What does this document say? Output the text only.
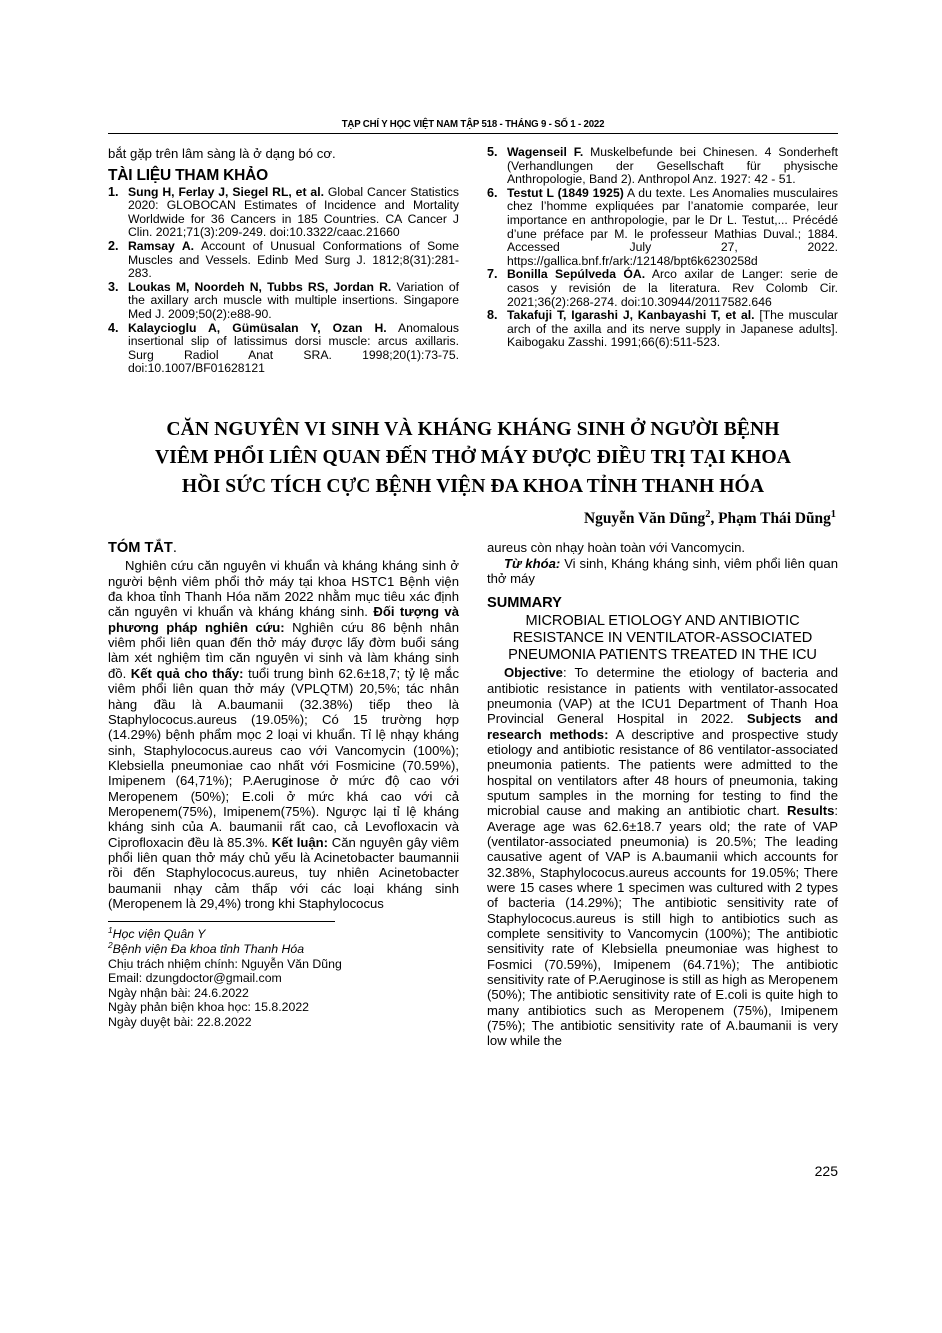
TẠP CHÍ Y HỌC VIỆT NAM TẬP 518 - THÁNG 9 - SỐ 1 - 2022
bắt gặp trên lâm sàng là ở dạng bó cơ.
TÀI LIỆU THAM KHẢO
1. Sung H, Ferlay J, Siegel RL, et al. Global Cancer Statistics 2020: GLOBOCAN Estimates of Incidence and Mortality Worldwide for 36 Cancers in 185 Countries. CA Cancer J Clin. 2021;71(3):209-249. doi:10.3322/caac.21660
2. Ramsay A. Account of Unusual Conformations of Some Muscles and Vessels. Edinb Med Surg J. 1812;8(31):281-283.
3. Loukas M, Noordeh N, Tubbs RS, Jordan R. Variation of the axillary arch muscle with multiple insertions. Singapore Med J. 2009;50(2):e88-90.
4. Kalaycioglu A, Gümüsalan Y, Ozan H. Anomalous insertional slip of latissimus dorsi muscle: arcus axillaris. Surg Radiol Anat SRA. 1998;20(1):73-75. doi:10.1007/BF01628121
5. Wagenseil F. Muskelbefunde bei Chinesen. 4 Sonderheft (Verhandlungen der Gesellschaft für physische Anthropologie, Band 2). Anthropol Anz. 1927: 42 - 51.
6. Testut L (1849 1925) A du texte. Les Anomalies musculaires chez l’homme expliquées par l’anatomie comparée, leur importance en anthropologie, par le Dr L. Testut,... Précédé d’une préface par M. le professeur Mathias Duval.; 1884. Accessed July 27, 2022. https://gallica.bnf.fr/ark:/12148/bpt6k6230258d
7. Bonilla Sepúlveda ÓA. Arco axilar de Langer: serie de casos y revisión de la literatura. Rev Colomb Cir. 2021;36(2):268-274. doi:10.30944/20117582.646
8. Takafuji T, Igarashi J, Kanbayashi T, et al. [The muscular arch of the axilla and its nerve supply in Japanese adults]. Kaibogaku Zasshi. 1991;66(6):511-523.
CĂN NGUYÊN VI SINH VÀ KHÁNG KHÁNG SINH Ở NGƯỜI BỆNH
VIÊM PHỔI LIÊN QUAN ĐẾN THỞ MÁY ĐƯỢC ĐIỀU TRỊ TẠI KHOA
HỒI SỨC TÍCH CỰC BỆNH VIỆN ĐA KHOA TỈNH THANH HÓA
Nguyễn Văn Dũng$^2$, Phạm Thái Dũng$^1$
TÓM TẮT.

Nghiên cứu căn nguyên vi khuẩn và kháng kháng sinh ở người bệnh viêm phổi thở máy tại khoa HSTC1 Bệnh viện đa khoa tỉnh Thanh Hóa năm 2022 nhằm mục tiêu xác định căn nguyên vi khuẩn và kháng kháng sinh. Đối tượng và phương pháp nghiên cứu: Nghiên cứu 86 bệnh nhân viêm phổi liên quan đến thở máy được lấy đờm buổi sáng làm xét nghiệm tìm căn nguyên vi sinh và làm kháng sinh đồ. Kết quả cho thấy: tuổi trung bình 62.6±18,7; tỷ lệ mắc viêm phổi liên quan thở máy (VPLQTM) 20,5%; tác nhân hàng đầu là A.baumanii (32.38%) tiếp theo là Staphylococus.aureus (19.05%); Có 15 trường hợp (14.29%) bệnh phẩm mọc 2 loại vi khuẩn. Tỉ lệ nhạy kháng sinh, Staphylococus.aureus cao với Vancomycin (100%); Klebsiella pneumoniae cao nhất với Fosmicine (70.59%), Imipenem (64,71%); P.Aeruginose ở mức độ cao với Meropenem (50%); E.coli ở mức khá cao với cả Meropenem(75%), Imipenem(75%). Ngược lại tỉ lệ kháng kháng sinh của A. baumanii rất cao, cả Levofloxacin và Ciprofloxacin đều là 85.3%. Kết luận: Căn nguyên gây viêm phổi liên quan thở máy chủ yếu là Acinetobacter baumannii rồi đến Staphylococus.aureus, tuy nhiên Acinetobacter baumanii nhạy cảm thấp với các loại kháng sinh (Meropenem là 29,4%) trong khi Staphylococus

$^1$Học viện Quân Y
$^2$Bệnh viện Đa khoa tỉnh Thanh Hóa
Chịu trách nhiệm chính: Nguyễn Văn Dũng
Email: dzungdoctor@gmail.com
Ngày nhận bài: 24.6.2022
Ngày phản biện khoa học: 15.8.2022
Ngày duyệt bài: 22.8.2022

aureus còn nhạy hoàn toàn với Vancomycin.

Từ khóa: Vi sinh, Kháng kháng sinh, viêm phổi liên quan thở máy

SUMMARY
MICROBIAL ETIOLOGY AND ANTIBIOTIC
RESISTANCE IN VENTILATOR-ASSOCIATED
PNEUMONIA PATIENTS TREATED IN THE ICU

Objective: To determine the etiology of bacteria and antibiotic resistance in patients with ventilator-assocated pneumonia (VAP) at the ICU1 Department of Thanh Hoa Provincial General Hospital in 2022. Subjects and research methods: A descriptive and prospective study etiology and antibiotic resistance of 86 ventilator-associated pneumonia patients. The patients were admitted to the hospital on ventilators after 48 hours of pneumonia, taking sputum samples in the morning for testing to find the microbial cause and making an antibiotic chart. Results: Average age was 62.6±18.7 years old; the rate of VAP (ventilator-associated pneumonia) is 20.5%; The leading causative agent of VAP is A.baumanii which accounts for 32.38%, Staphylococus.aureus accounts for 19.05%; There were 15 cases where 1 specimen was cultured with 2 types of bacteria (14.29%); The antibiotic sensitivity rate of Staphylococus.aureus is still high to antibiotics such as complete sensitivity to Vancomycin (100%); The antibiotic sensitivity rate of Klebsiella pneumoniae was highest to Fosmici (70.59%), Imipenem (64.71%); The antibiotic sensitivity rate of P.Aeruginose is still as high as Meropenem (50%); The antibiotic sensitivity rate of E.coli is quite high to many antibiotics such as Meropenem (75%), Imipenem (75%); The antibiotic sensitivity rate of A.baumanii is very low while the

225
